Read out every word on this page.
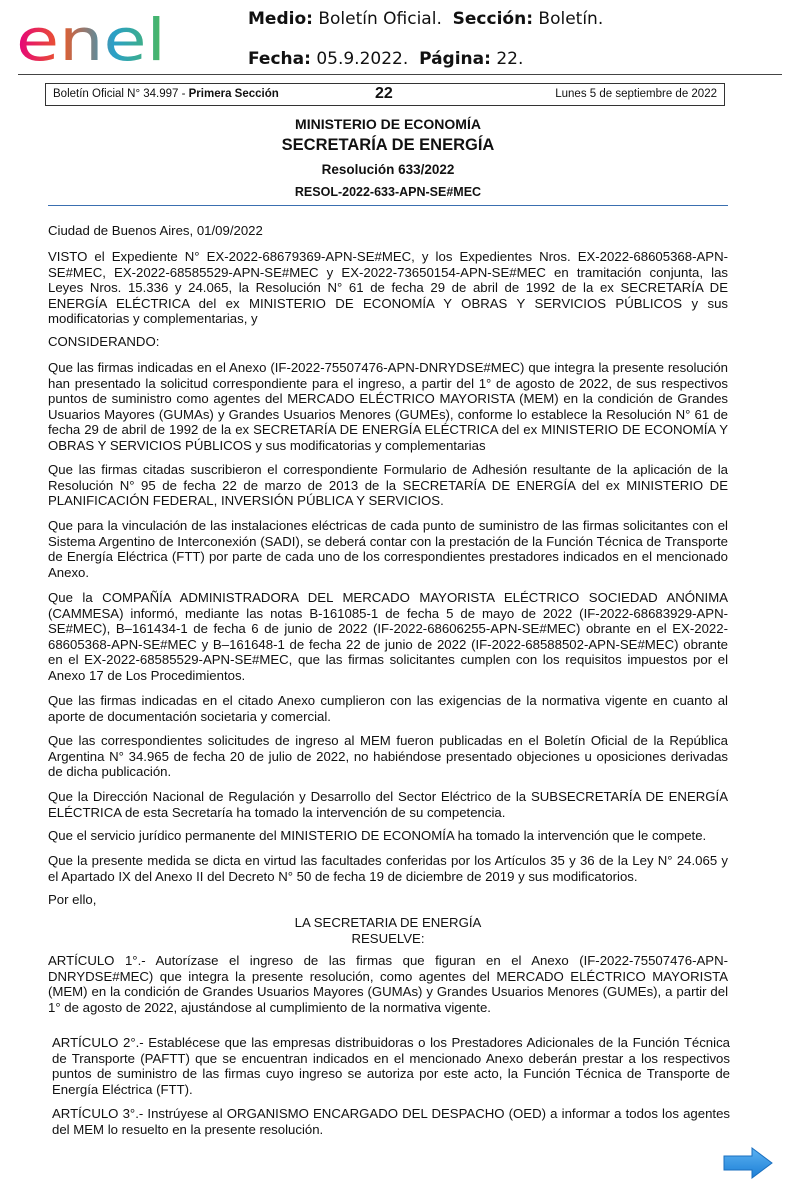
enel	Medio: Boletín Oficial. Sección: Boletín.
Fecha: 05.9.2022. Página: 22.
Boletín Oficial N° 34.997 - Primera Sección	22	Lunes 5 de septiembre de 2022
MINISTERIO DE ECONOMÍA
SECRETARÍA DE ENERGÍA
Resolución 633/2022
RESOL-2022-633-APN-SE#MEC

Ciudad de Buenos Aires, 01/09/2022

VISTO el Expediente N° EX-2022-68679369-APN-SE#MEC, y los Expedientes Nros. EX-2022-68605368-APN-SE#MEC, EX-2022-68585529-APN-SE#MEC y EX-2022-73650154-APN-SE#MEC en tramitación conjunta, las Leyes Nros. 15.336 y 24.065, la Resolución N° 61 de fecha 29 de abril de 1992 de la ex SECRETARÍA DE ENERGÍA ELÉCTRICA del ex MINISTERIO DE ECONOMÍA Y OBRAS Y SERVICIOS PÚBLICOS y sus modificatorias y complementarias, y

CONSIDERANDO:

Que las firmas indicadas en el Anexo (IF-2022-75507476-APN-DNRYDSE#MEC) que integra la presente resolución han presentado la solicitud correspondiente para el ingreso, a partir del 1° de agosto de 2022, de sus respectivos puntos de suministro como agentes del MERCADO ELÉCTRICO MAYORISTA (MEM) en la condición de Grandes Usuarios Mayores (GUMAs) y Grandes Usuarios Menores (GUMEs), conforme lo establece la Resolución N° 61 de fecha 29 de abril de 1992 de la ex SECRETARÍA DE ENERGÍA ELÉCTRICA del ex MINISTERIO DE ECONOMÍA Y OBRAS Y SERVICIOS PÚBLICOS y sus modificatorias y complementarias

Que las firmas citadas suscribieron el correspondiente Formulario de Adhesión resultante de la aplicación de la Resolución N° 95 de fecha 22 de marzo de 2013 de la SECRETARÍA DE ENERGÍA del ex MINISTERIO DE PLANIFICACIÓN FEDERAL, INVERSIÓN PÚBLICA Y SERVICIOS.

Que para la vinculación de las instalaciones eléctricas de cada punto de suministro de las firmas solicitantes con el Sistema Argentino de Interconexión (SADI), se deberá contar con la prestación de la Función Técnica de Transporte de Energía Eléctrica (FTT) por parte de cada uno de los correspondientes prestadores indicados en el mencionado Anexo.

Que la COMPAÑÍA ADMINISTRADORA DEL MERCADO MAYORISTA ELÉCTRICO SOCIEDAD ANÓNIMA (CAMMESA) informó, mediante las notas B-161085-1 de fecha 5 de mayo de 2022 (IF-2022-68683929-APN-SE#MEC), B–161434-1 de fecha 6 de junio de 2022 (IF-2022-68606255-APN-SE#MEC) obrante en el EX-2022-68605368-APN-SE#MEC y B–161648-1 de fecha 22 de junio de 2022 (IF-2022-68588502-APN-SE#MEC) obrante en el EX-2022-68585529-APN-SE#MEC, que las firmas solicitantes cumplen con los requisitos impuestos por el Anexo 17 de Los Procedimientos.

Que las firmas indicadas en el citado Anexo cumplieron con las exigencias de la normativa vigente en cuanto al aporte de documentación societaria y comercial.

Que las correspondientes solicitudes de ingreso al MEM fueron publicadas en el Boletín Oficial de la República Argentina N° 34.965 de fecha 20 de julio de 2022, no habiéndose presentado objeciones u oposiciones derivadas de dicha publicación.

Que la Dirección Nacional de Regulación y Desarrollo del Sector Eléctrico de la SUBSECRETARÍA DE ENERGÍA ELÉCTRICA de esta Secretaría ha tomado la intervención de su competencia.

Que el servicio jurídico permanente del MINISTERIO DE ECONOMÍA ha tomado la intervención que le compete.

Que la presente medida se dicta en virtud las facultades conferidas por los Artículos 35 y 36 de la Ley N° 24.065 y el Apartado IX del Anexo II del Decreto N° 50 de fecha 19 de diciembre de 2019 y sus modificatorios.

Por ello,

LA SECRETARIA DE ENERGÍA

RESUELVE:

ARTÍCULO 1°.- Autorízase el ingreso de las firmas que figuran en el Anexo (IF-2022-75507476-APN-DNRYDSE#MEC) que integra la presente resolución, como agentes del MERCADO ELÉCTRICO MAYORISTA (MEM) en la condición de Grandes Usuarios Mayores (GUMAs) y Grandes Usuarios Menores (GUMEs), a partir del 1° de agosto de 2022, ajustándose al cumplimiento de la normativa vigente.

ARTÍCULO 2°.- Establécese que las empresas distribuidoras o los Prestadores Adicionales de la Función Técnica de Transporte (PAFTT) que se encuentran indicados en el mencionado Anexo deberán prestar a los respectivos puntos de suministro de las firmas cuyo ingreso se autoriza por este acto, la Función Técnica de Transporte de Energía Eléctrica (FTT).

ARTÍCULO 3°.- Instrúyese al ORGANISMO ENCARGADO DEL DESPACHO (OED) a informar a todos los agentes del MEM lo resuelto en la presente resolución.
